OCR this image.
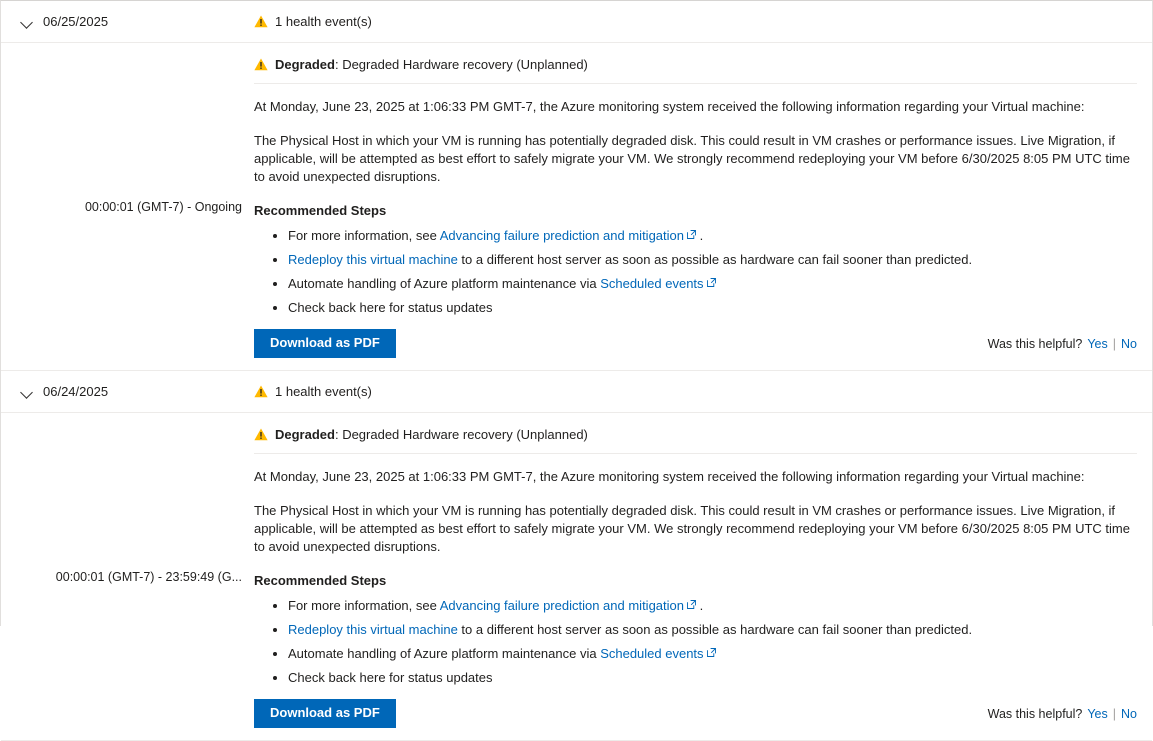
06/25/2025	1 health event(s)
00:00:01 (GMT-7) - Ongoing
Degraded: Degraded Hardware recovery (Unplanned)

At Monday, June 23, 2025 at 1:06:33 PM GMT-7, the Azure monitoring system received the following information regarding your Virtual machine:

The Physical Host in which your VM is running has potentially degraded disk. This could result in VM crashes or performance issues. Live Migration, if applicable, will be attempted as best effort to safely migrate your VM. We strongly recommend redeploying your VM before 6/30/2025 8:05 PM UTC time to avoid unexpected disruptions.

Recommended Steps
• For more information, see Advancing failure prediction and mitigation
.
• Redeploy this virtual machine to a different host server as soon as possible as hardware can fail sooner than predicted.
• Automate handling of Azure platform maintenance via Scheduled events
• Check back here for status updates
Download as PDF	Was this helpful? Yes | No
06/24/2025	1 health event(s)
00:00:01 (GMT-7) - 23:59:49 (G...
Degraded: Degraded Hardware recovery (Unplanned)

At Monday, June 23, 2025 at 1:06:33 PM GMT-7, the Azure monitoring system received the following information regarding your Virtual machine:

The Physical Host in which your VM is running has potentially degraded disk. This could result in VM crashes or performance issues. Live Migration, if applicable, will be attempted as best effort to safely migrate your VM. We strongly recommend redeploying your VM before 6/30/2025 8:05 PM UTC time to avoid unexpected disruptions.

Recommended Steps
• For more information, see Advancing failure prediction and mitigation
.
• Redeploy this virtual machine to a different host server as soon as possible as hardware can fail sooner than predicted.
• Automate handling of Azure platform maintenance via Scheduled events
• Check back here for status updates
Download as PDF	Was this helpful? Yes | No
